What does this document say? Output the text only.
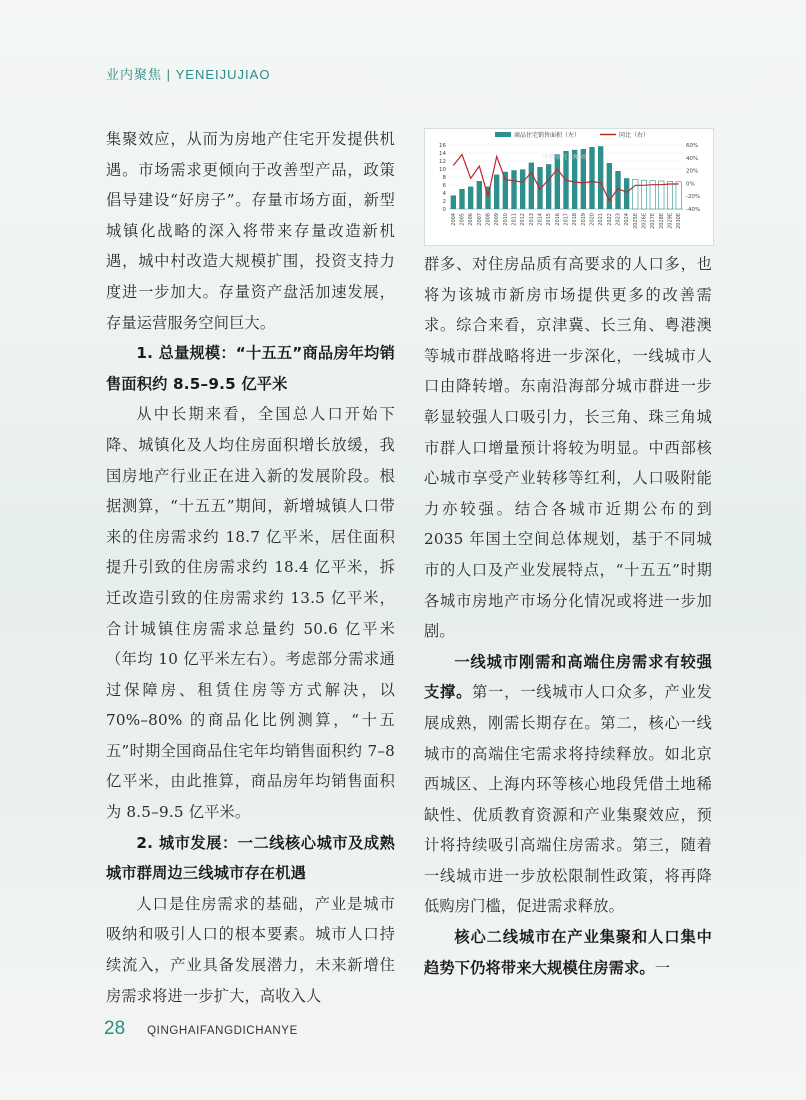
业内聚焦 | YENEIJUJIAO
商品住宅销售面积（左）	同比（右）
0
2
4
6
8
10
12
14
16
-40%
-20%
0%
20%
40%
60%
2004 2005 2006 2007 2008 2009 2010 2011 2012 2013 2014 2015 2016 2017 2018 2019 2020 2021 2022 2023 2024 2025E 2026E 2027E 2028E 2029E 2030E
中指研究 CREIS

集聚效应，从而为房地产住宅开发提供机遇。市场需求更倾向于改善型产品，政策倡导建设“好房子”。存量市场方面，新型城镇化战略的深入将带来存量改造新机遇，城中村改造大规模扩围，投资支持力度进一步加大。存量资产盘活加速发展，存量运营服务空间巨大。

1. 总量规模：“十五五”商品房年均销售面积约 8.5–9.5 亿平米

从中长期来看，全国总人口开始下降、城镇化及人均住房面积增长放缓，我国房地产行业正在进入新的发展阶段。根据测算，“十五五”期间，新增城镇人口带来的住房需求约 18.7 亿平米，居住面积提升引致的住房需求约 18.4 亿平米，拆迁改造引致的住房需求约 13.5 亿平米，合计城镇住房需求总量约 50.6 亿平米（年均 10 亿平米左右）。考虑部分需求通过保障房、租赁住房等方式解决，以 70%–80% 的商品化比例测算，“十五五”时期全国商品住宅年均销售面积约 7–8 亿平米，由此推算，商品房年均销售面积为 8.5–9.5 亿平米。

2. 城市发展：一二线核心城市及成熟城市群周边三线城市存在机遇

人口是住房需求的基础，产业是城市吸纳和吸引人口的根本要素。城市人口持续流入，产业具备发展潜力，未来新增住房需求将进一步扩大，高收入人

群多、对住房品质有高要求的人口多，也将为该城市新房市场提供更多的改善需求。综合来看，京津冀、长三角、粤港澳等城市群战略将进一步深化，一线城市人口由降转增。东南沿海部分城市群进一步彰显较强人口吸引力，长三角、珠三角城市群人口增量预计将较为明显。中西部核心城市享受产业转移等红利，人口吸附能力亦较强。结合各城市近期公布的到 2035 年国土空间总体规划，基于不同城市的人口及产业发展特点，“十五五”时期各城市房地产市场分化情况或将进一步加剧。

一线城市刚需和高端住房需求有较强支撑。第一，一线城市人口众多，产业发展成熟，刚需长期存在。第二，核心一线城市的高端住宅需求将持续释放。如北京西城区、上海内环等核心地段凭借土地稀缺性、优质教育资源和产业集聚效应，预计将持续吸引高端住房需求。第三，随着一线城市进一步放松限制性政策，将再降低购房门槛，促进需求释放。

核心二线城市在产业集聚和人口集中趋势下仍将带来大规模住房需求。一

28 QINGHAIFANGDICHANYE
